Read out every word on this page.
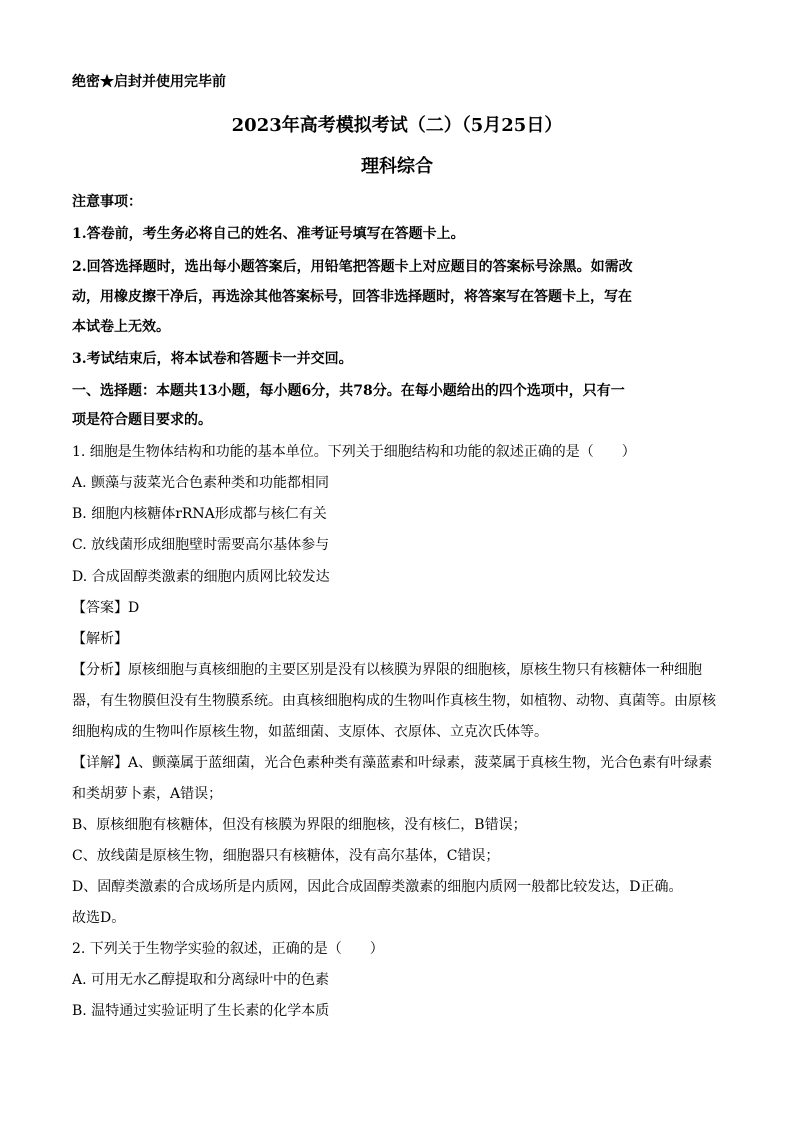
绝密★启封并使用完毕前
2023年高考模拟考试（二）（5月25日）
理科综合
注意事项：
1.答卷前，考生务必将自己的姓名、准考证号填写在答题卡上。
2.回答选择题时，选出每小题答案后，用铅笔把答题卡上对应题目的答案标号涂黑。如需改
动，用橡皮擦干净后，再选涂其他答案标号，回答非选择题时，将答案写在答题卡上，写在
本试卷上无效。
3.考试结束后，将本试卷和答题卡一并交回。
一、选择题：本题共13小题，每小题6分，共78分。在每小题给出的四个选项中，只有一
项是符合题目要求的。
1. 细胞是生物体结构和功能的基本单位。下列关于细胞结构和功能的叙述正确的是（　　）
A. 颤藻与菠菜光合色素种类和功能都相同
B. 细胞内核糖体rRNA形成都与核仁有关
C. 放线菌形成细胞壁时需要高尔基体参与
D. 合成固醇类激素的细胞内质网比较发达
【答案】D
【解析】
【分析】原核细胞与真核细胞的主要区别是没有以核膜为界限的细胞核，原核生物只有核糖体一种细胞
器，有生物膜但没有生物膜系统。由真核细胞构成的生物叫作真核生物，如植物、动物、真菌等。由原核
细胞构成的生物叫作原核生物，如蓝细菌、支原体、衣原体、立克次氏体等。
【详解】A、颤藻属于蓝细菌，光合色素种类有藻蓝素和叶绿素，菠菜属于真核生物，光合色素有叶绿素
和类胡萝卜素，A错误；
B、原核细胞有核糖体，但没有核膜为界限的细胞核，没有核仁，B错误；
C、放线菌是原核生物，细胞器只有核糖体，没有高尔基体，C错误；
D、固醇类激素的合成场所是内质网，因此合成固醇类激素的细胞内质网一般都比较发达，D正确。
故选D。
2. 下列关于生物学实验的叙述，正确的是（　　）
A. 可用无水乙醇提取和分离绿叶中的色素
B. 温特通过实验证明了生长素的化学本质
